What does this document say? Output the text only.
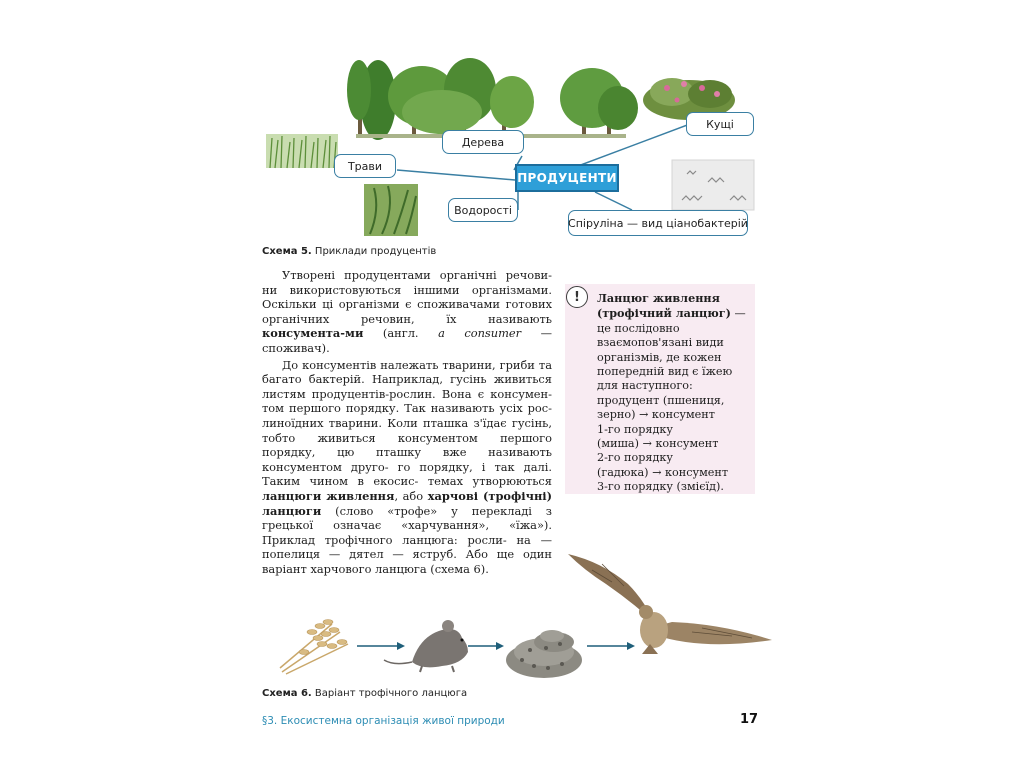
ПРОДУЦЕНТИ
Дерева
Кущі
Трави
Водорості
Спіруліна — вид ціанобактерій
Схема 5. Приклади продуцентів

Утворені продуцентами органічні речови- ни використовуються іншими організмами. Оскільки ці організми є споживачами готових органічних речовин, їх називають консумента-ми (англ. a consumer — споживач).

До консументів належать тварини, гриби та багато бактерій. Наприклад, гусінь живиться листям продуцентів-рослин. Вона є консумен- том першого порядку. Так називають усіх рос- линоїдних тварини. Коли пташка з'їдає гусінь, тобто живиться консументом першого порядку, цю пташку вже називають консументом друго- го порядку, і так далі. Таким чином в екосис- темах утворюються ланцюги живлення, або харчові (трофічні) ланцюги (слово «трофе» у перекладі з грецької означає «харчування», «їжа»). Приклад трофічного ланцюга: росли- на — попелиця — дятел — яструб. Або ще один варіант харчового ланцюга (схема 6).

!	Ланцюг живлення
(трофічний ланцюг) —
це послідовно
взаємопов'язані види
організмів, де кожен
попередній вид є їжею
для наступного:
продуцент (пшениця,
зерно) → консумент
1-го порядку
(миша) → консумент
2-го порядку
(гадюка) → консумент
3-го порядку (змієїд).
Схема 6. Варіант трофічного ланцюга
§3. Екосистемна організація живої природи	17
